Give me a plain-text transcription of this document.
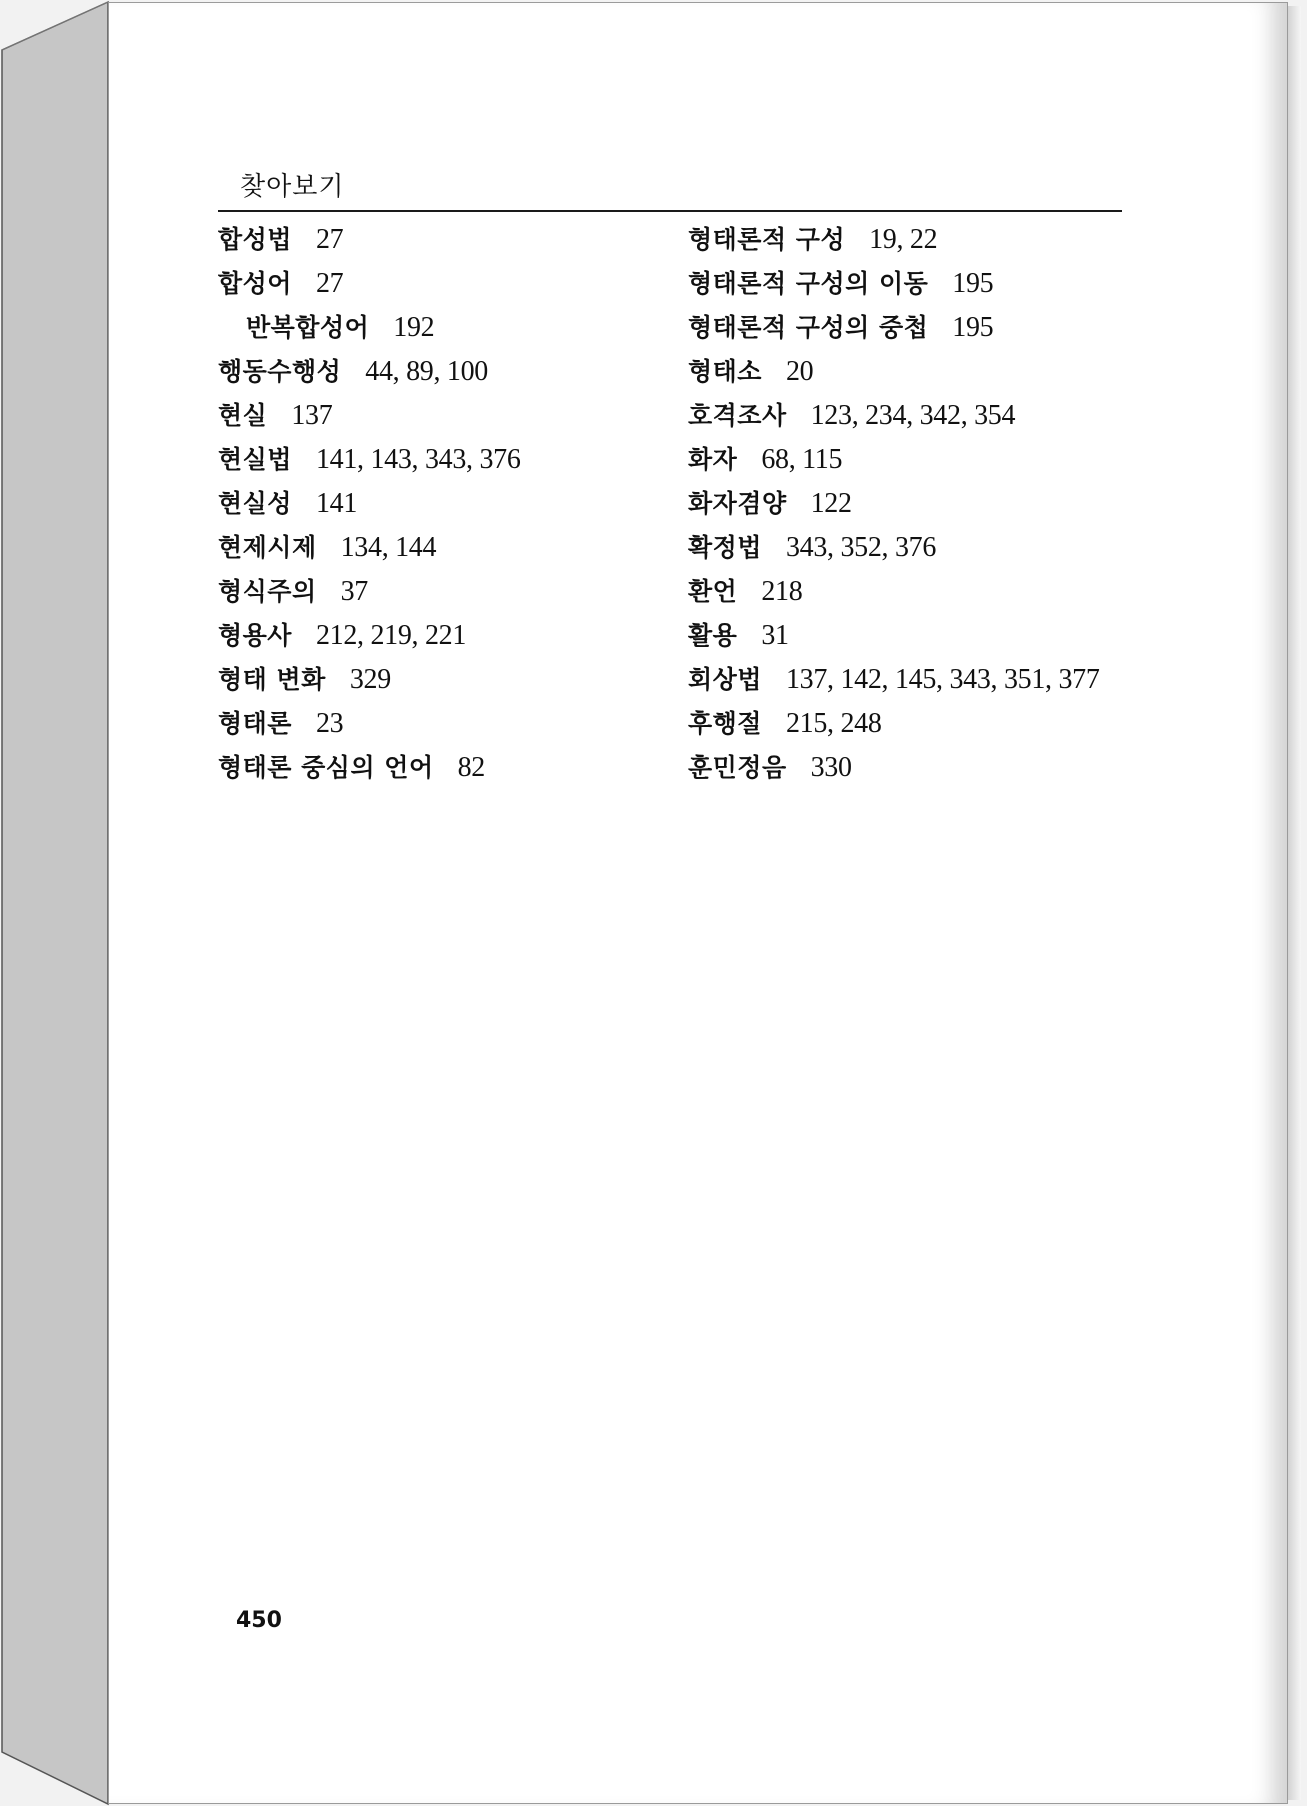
찾아보기
합성법 27
합성어 27
반복합성어 192
행동수행성 44, 89, 100
현실 137
현실법 141, 143, 343, 376
현실성 141
현제시제 134, 144
형식주의 37
형용사 212, 219, 221
형태 변화 329
형태론 23
형태론 중심의 언어 82
형태론적 구성 19, 22
형태론적 구성의 이동 195
형태론적 구성의 중첩 195
형태소 20
호격조사 123, 234, 342, 354
화자 68, 115
화자겸양 122
확정법 343, 352, 376
환언 218
활용 31
회상법 137, 142, 145, 343, 351, 377
후행절 215, 248
훈민정음 330
450
